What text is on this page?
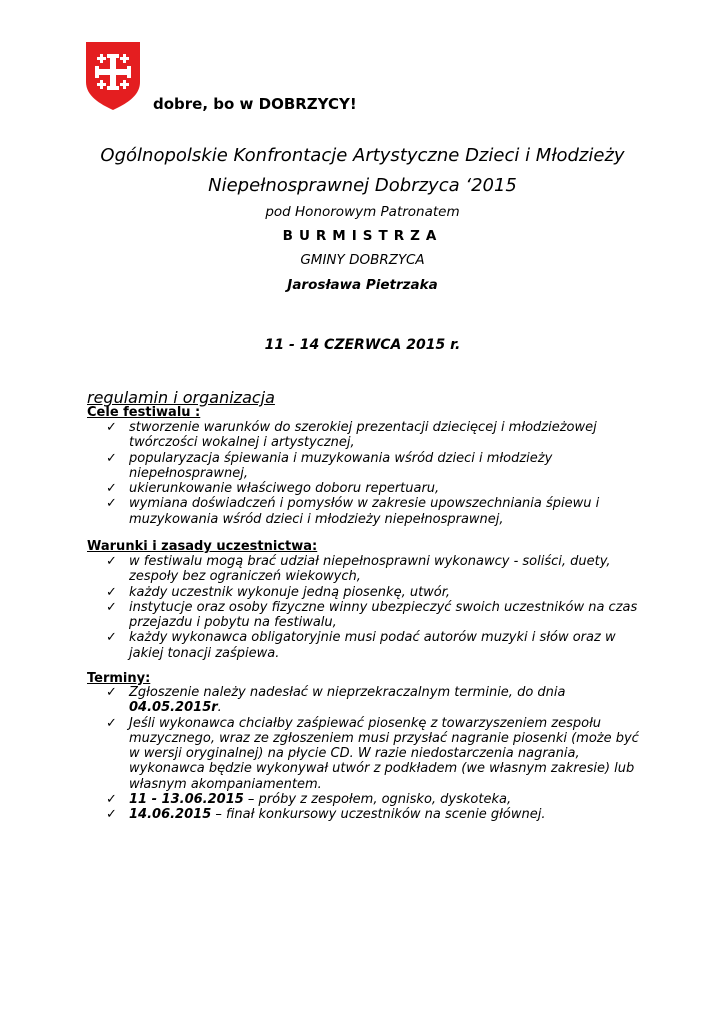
dobre, bo w DOBRZYCY!
Ogólnopolskie Konfrontacje Artystyczne Dzieci i Młodzieży
Niepełnosprawnej Dobrzyca ‘2015
pod Honorowym Patronatem
BURMISTRZA
GMINY DOBRZYCA
Jarosława Pietrzaka
11 - 14 CZERWCA 2015 r.
regulamin i organizacja
Cele festiwalu :
✓ stworzenie warunków do szerokiej prezentacji dziecięcej i młodzieżowej twórczości wokalnej i artystycznej,
✓ popularyzacja śpiewania i muzykowania wśród dzieci i młodzieży niepełnosprawnej,
✓ ukierunkowanie właściwego doboru repertuaru,
✓ wymiana doświadczeń i pomysłów w zakresie upowszechniania śpiewu i muzykowania wśród dzieci i młodzieży niepełnosprawnej,
Warunki i zasady uczestnictwa:
✓ w festiwalu mogą brać udział niepełnosprawni wykonawcy - soliści, duety, zespoły bez ograniczeń wiekowych,
✓ każdy uczestnik wykonuje jedną piosenkę, utwór,
✓ instytucje oraz osoby fizyczne winny ubezpieczyć swoich uczestników na czas przejazdu i pobytu na festiwalu,
✓ każdy wykonawca obligatoryjnie musi podać autorów muzyki i słów oraz w jakiej tonacji zaśpiewa.
Terminy:
✓ Zgłoszenie należy nadesłać w nieprzekraczalnym terminie, do dnia 04.05.2015r.
✓ Jeśli wykonawca chciałby zaśpiewać piosenkę z towarzyszeniem zespołu muzycznego, wraz ze zgłoszeniem musi przysłać nagranie piosenki (może być w wersji oryginalnej) na płycie CD. W razie niedostarczenia nagrania, wykonawca będzie wykonywał utwór z podkładem (we własnym zakresie) lub własnym akompaniamentem.
✓ 11 - 13.06.2015 – próby z zespołem, ognisko, dyskoteka,
✓ 14.06.2015 – finał konkursowy uczestników na scenie głównej.
